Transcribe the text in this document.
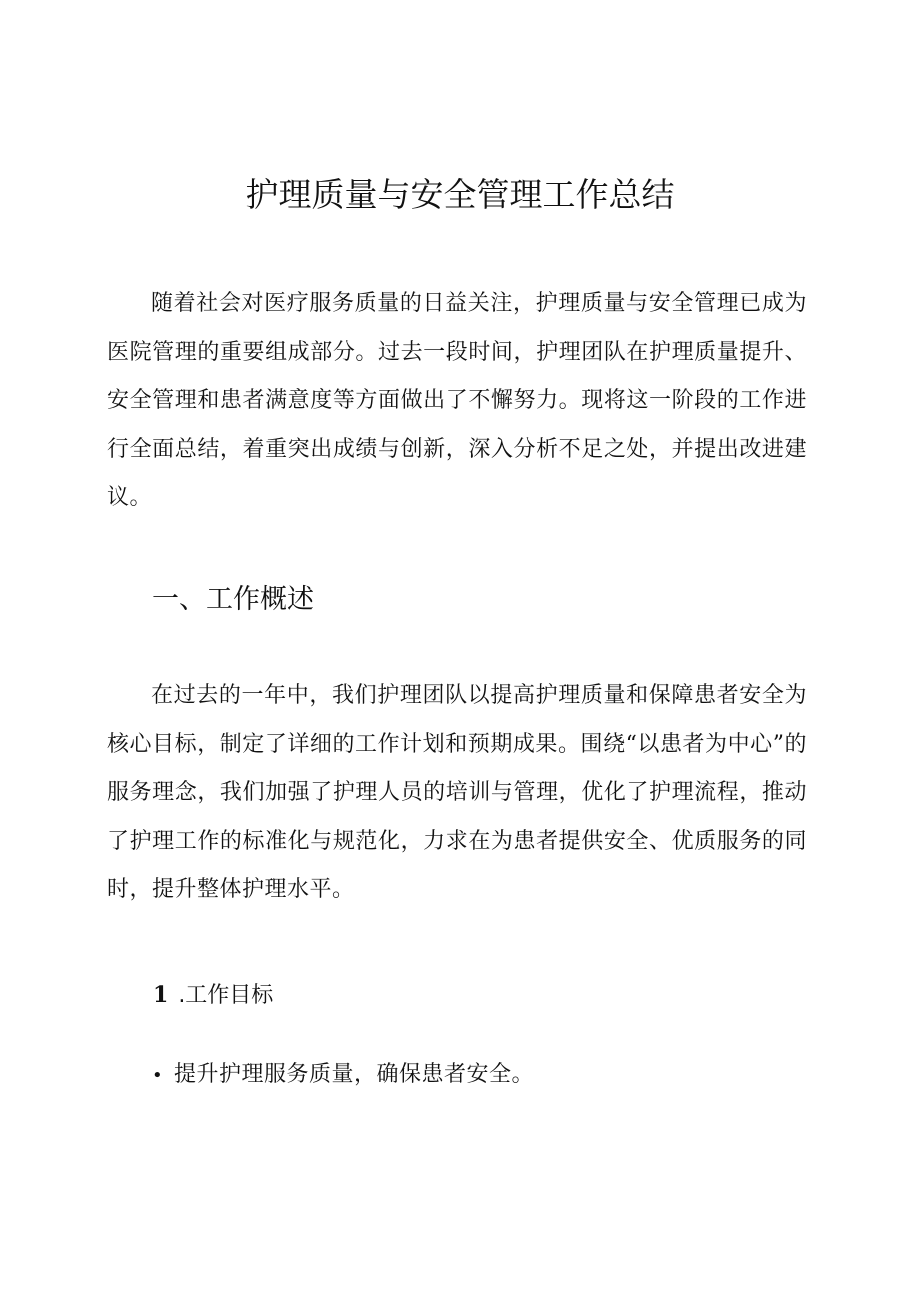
护理质量与安全管理工作总结

随着社会对医疗服务质量的日益关注，护理质量与安全管理已成为医院管理的重要组成部分。过去一段时间，护理团队在护理质量提升、安全管理和患者满意度等方面做出了不懈努力。现将这一阶段的工作进行全面总结，着重突出成绩与创新，深入分析不足之处，并提出改进建议。

一、工作概述

在过去的一年中，我们护理团队以提高护理质量和保障患者安全为核心目标，制定了详细的工作计划和预期成果。围绕“以患者为中心”的服务理念，我们加强了护理人员的培训与管理，优化了护理流程，推动了护理工作的标准化与规范化，力求在为患者提供安全、优质服务的同时，提升整体护理水平。

1 .工作目标
• 提升护理服务质量，确保患者安全。
